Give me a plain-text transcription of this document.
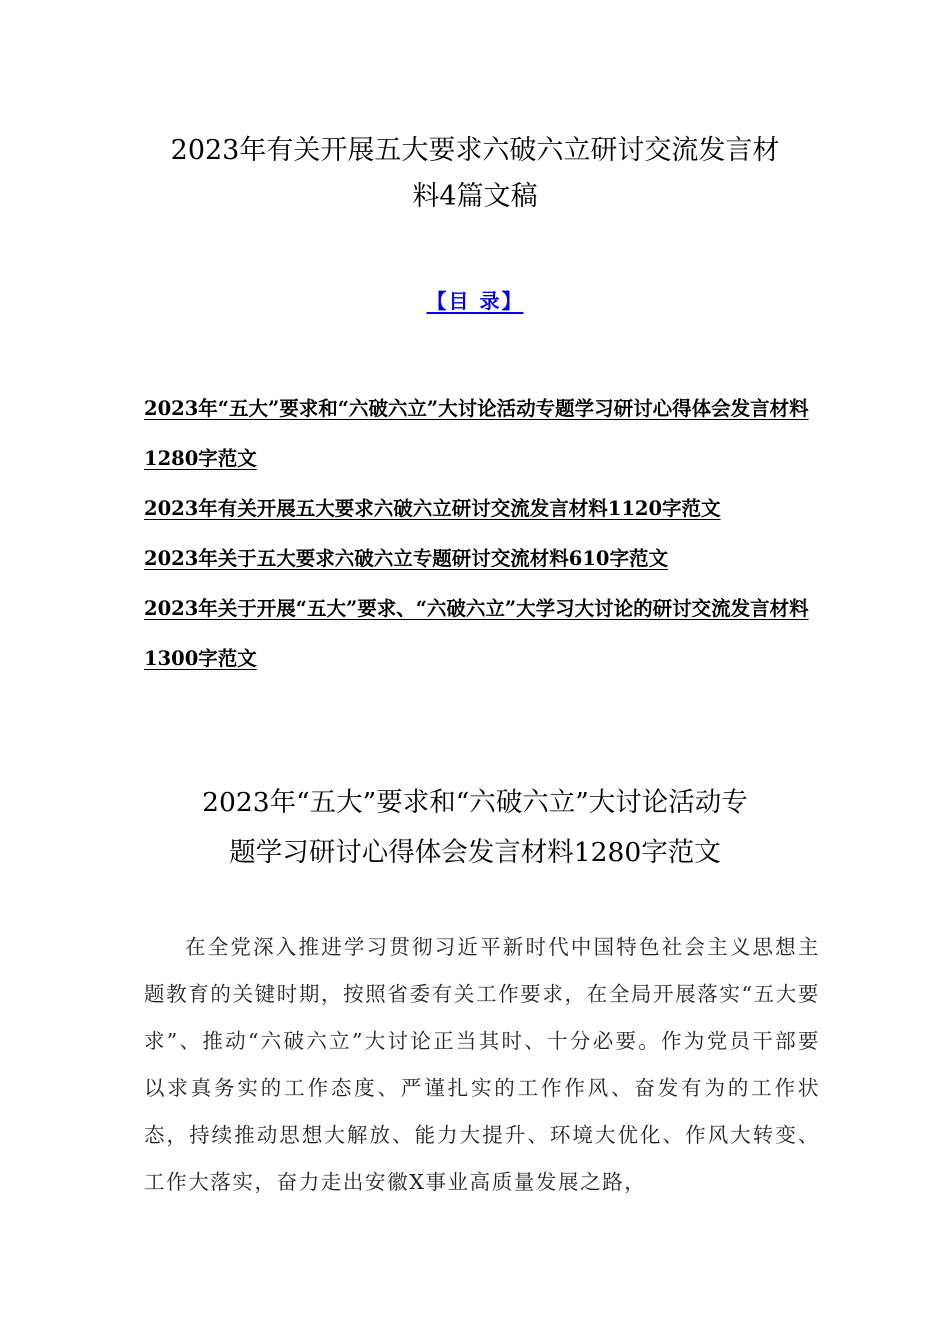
2023年有关开展五大要求六破六立研讨交流发言材
料4篇文稿
【目 录】
2023年“五大”要求和“六破六立”大讨论活动专题学习研讨心得体会发言材料1280字范文
2023年有关开展五大要求六破六立研讨交流发言材料1120字范文
2023年关于五大要求六破六立专题研讨交流材料610字范文
2023年关于开展“五大”要求、“六破六立”大学习大讨论的研讨交流发言材料1300字范文
2023年“五大”要求和“六破六立”大讨论活动专
题学习研讨心得体会发言材料1280字范文

在全党深入推进学习贯彻习近平新时代中国特色社会主义思想主题教育的关键时期，按照省委有关工作要求，在全局开展落实“五大要求”、推动“六破六立”大讨论正当其时、十分必要。作为党员干部要以求真务实的工作态度、严谨扎实的工作作风、奋发有为的工作状态，持续推动思想大解放、能力大提升、环境大优化、作风大转变、工作大落实，奋力走出安徽X事业高质量发展之路，
